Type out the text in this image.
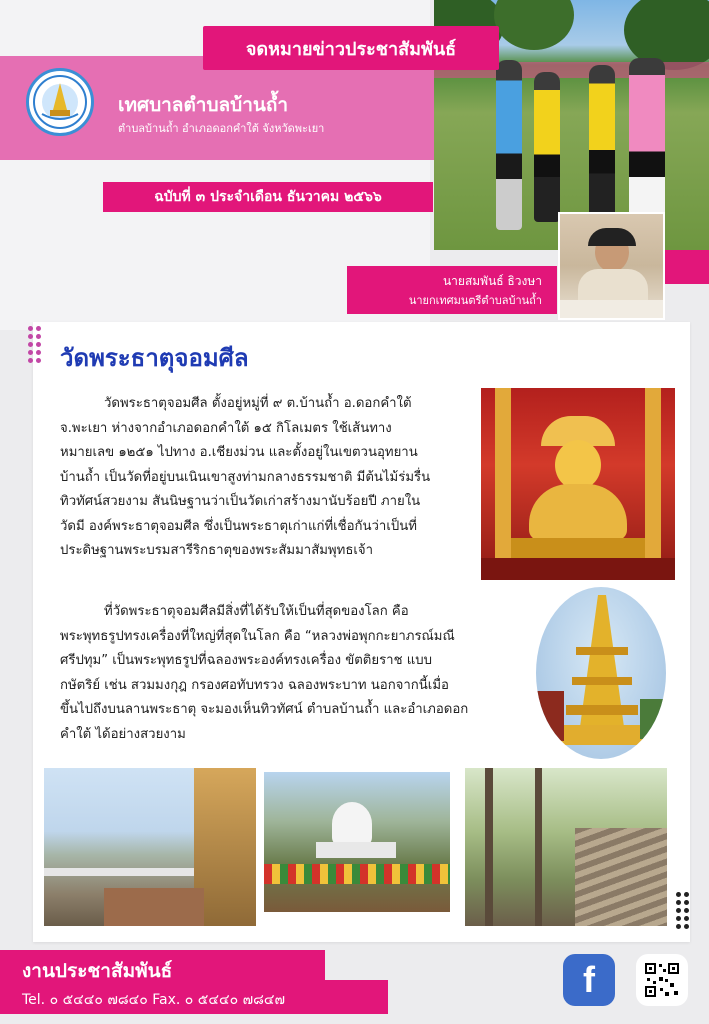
จดหมายข่าวประชาสัมพันธ์
เทศบาลตำบลบ้านถ้ำ
ตำบลบ้านถ้ำ อำเภอดอกคำใต้ จังหวัดพะเยา
ฉบับที่ ๓ ประจำเดือน ธันวาคม ๒๕๖๖
นายสมพันธ์ ธิวงษา
นายกเทศมนตรีตำบลบ้านถ้ำ
วัดพระธาตุจอมศีล
วัดพระธาตุจอมศีล ตั้งอยู่หมู่ที่ ๙ ต.บ้านถ้ำ อ.ดอกคำใต้
จ.พะเยา ห่างจากอำเภอดอกคำใต้ ๑๕ กิโลเมตร ใช้เส้นทาง
หมายเลข ๑๒๕๑ ไปทาง อ.เชียงม่วน และตั้งอยู่ในเขตวนอุทยาน
บ้านถ้ำ เป็นวัดที่อยู่บนเนินเขาสูงท่ามกลางธรรมชาติ มีต้นไม้ร่มรื่น
ทิวทัศน์สวยงาม สันนิษฐานว่าเป็นวัดเก่าสร้างมานับร้อยปี ภายใน
วัดมี องค์พระธาตุจอมศีล ซึ่งเป็นพระธาตุเก่าแก่ที่เชื่อกันว่าเป็นที่
ประดิษฐานพระบรมสารีริกธาตุของพระสัมมาสัมพุทธเจ้า
ที่วัดพระธาตุจอมศีลมีสิ่งที่ได้รับให้เป็นที่สุดของโลก คือ
พระพุทธรูปทรงเครื่องที่ใหญ่ที่สุดในโลก คือ “หลวงพ่อพุกกะยาภรณ์มณี
ศรีปทุม” เป็นพระพุทธรูปที่ฉลองพระองค์ทรงเครื่อง ขัตติยราช แบบ
กษัตริย์ เช่น สวมมงกุฎ กรองศอทับทรวง ฉลองพระบาท นอกจากนี้เมื่อ
ขึ้นไปถึงบนลานพระธาตุ จะมองเห็นทิวทัศน์ ตำบลบ้านถ้ำ และอำเภอดอก
คำใต้ ได้อย่างสวยงาม
งานประชาสัมพันธ์
Tel. ๐ ๕๔๔๐ ๗๘๔๐ Fax. ๐ ๕๔๔๐ ๗๘๔๗	f
